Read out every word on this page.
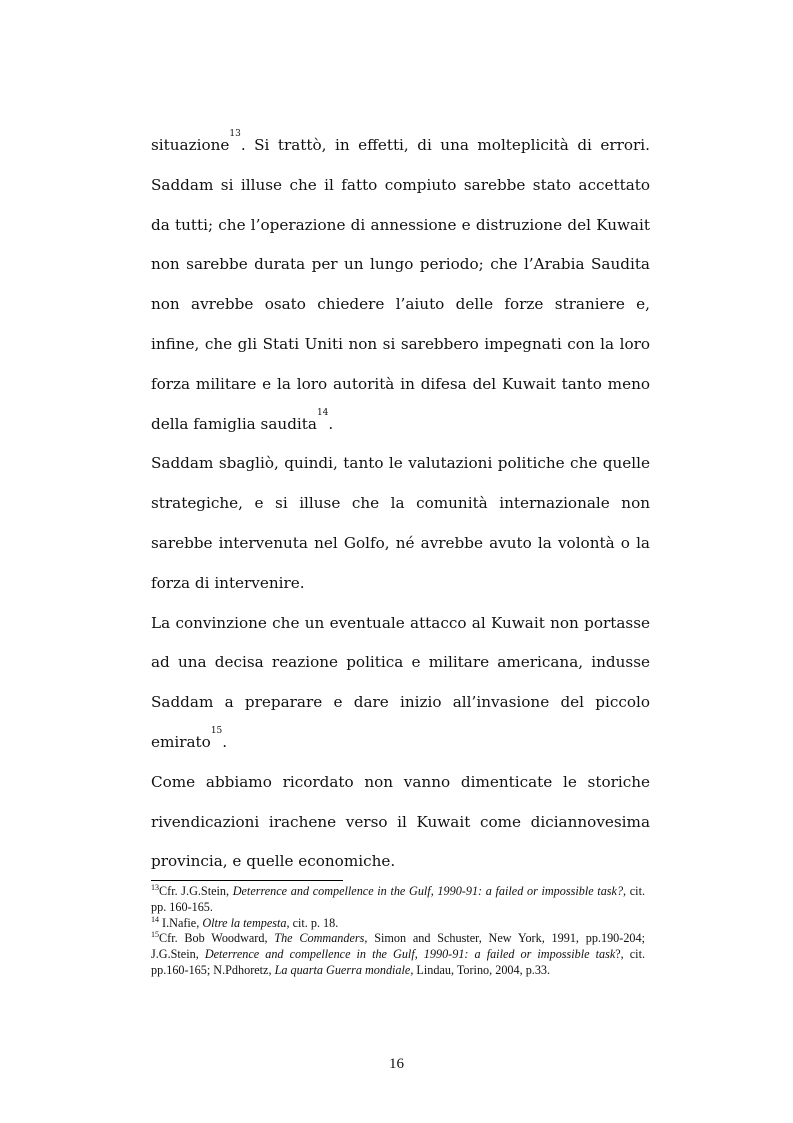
situazione$^{13}$. Si trattò, in effetti, di una molteplicità di errori. Saddam si illuse che il fatto compiuto sarebbe stato accettato da tutti; che l’operazione di annessione e distruzione del Kuwait non sarebbe durata per un lungo periodo; che l’Arabia Saudita non avrebbe osato chiedere l’aiuto delle forze straniere e, infine, che gli Stati Uniti non si sarebbero impegnati con la loro forza militare e la loro autorità in difesa del Kuwait tanto meno della famiglia saudita$^{14}$.

Saddam sbagliò, quindi, tanto le valutazioni politiche che quelle strategiche, e si illuse che la comunità internazionale non sarebbe intervenuta nel Golfo, né avrebbe avuto la volontà o la forza di intervenire.

La convinzione che un eventuale attacco al Kuwait non portasse ad una decisa reazione politica e militare americana, indusse Saddam a preparare e dare inizio all’invasione del piccolo emirato$^{15}$.

Come abbiamo ricordato non vanno dimenticate le storiche rivendicazioni irachene verso il Kuwait come diciannovesima provincia, e quelle economiche.

$^{13}$Cfr. J.G.Stein, Deterrence and compellence in the Gulf, 1990-91: a failed or impossible task?, cit. pp. 160-165.

$^{14}$ I.Nafie, Oltre la tempesta, cit. p. 18.

$^{15}$Cfr. Bob Woodward, The Commanders, Simon and Schuster, New York, 1991, pp.190-204; J.G.Stein, Deterrence and compellence in the Gulf, 1990-91: a failed or impossible task?, cit. pp.160-165; N.Pdhoretz, La quarta Guerra mondiale, Lindau, Torino, 2004, p.33.

16
